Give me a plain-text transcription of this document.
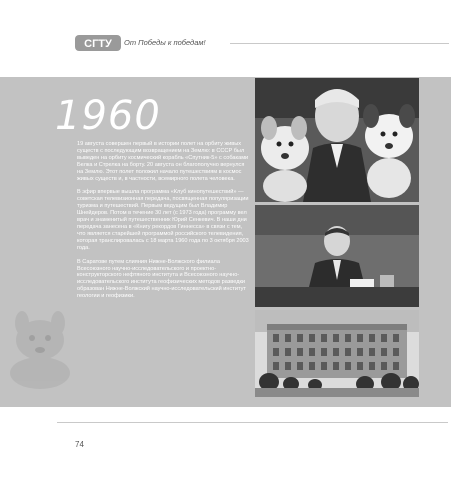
СГТУ От Победы к победам!
1960

19 августа совершен первый в истории полет на орбиту живых существ с последующим возвращением на Землю: в СССР был выведен на орбиту космический корабль «Спутник-5» с собаками Белка и Стрелка на борту. 20 августа он благополучно вернулся на Землю. Этот полет положил начало путешествиям в космос живых существ и, в частности, всемирного полета человека.

В эфир впервые вышла программа «Клуб кинопутешествий» — советская телевизионная передача, посвященная популяризации туризма и путешествий. Первым ведущим был Владимир Шнейдеров. Потом в течение 30 лет (с 1973 года) программу вел врач и знаменитый путешественник Юрий Сенкевич. В наши дни передача занесена в «Книгу рекордов Гиннесса» в связи с тем, что является старейшей программой российского телевидения, которая транслировалась с 18 марта 1960 года по 3 октября 2003 года.

В Саратове путем слияния Нижне-Волжского филиала Всесоюзного научно-исследовательского и проектно-конструкторского нефтяного института и Всесоюзного научно-исследовательского института геофизических методов разведки образован Нижне-Волжский научно-исследовательский институт геологии и геофизики.

74
